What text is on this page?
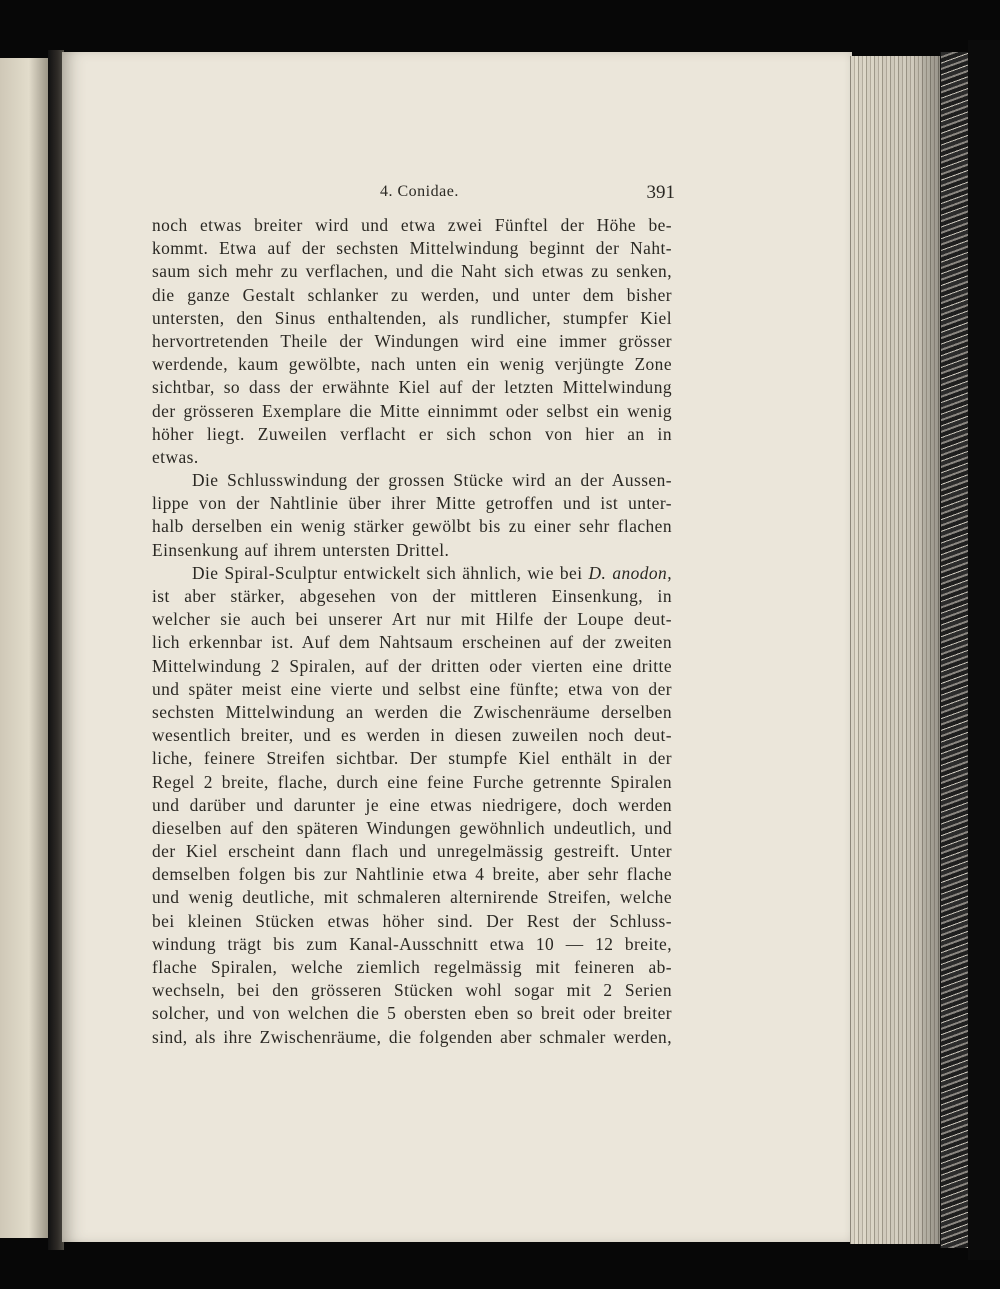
4. Conidae.	391
noch etwas breiter wird und etwa zwei Fünftel der Höhe be-
kommt. Etwa auf der sechsten Mittelwindung beginnt der Naht-
saum sich mehr zu verflachen, und die Naht sich etwas zu senken,
die ganze Gestalt schlanker zu werden, und unter dem bisher
untersten, den Sinus enthaltenden, als rundlicher, stumpfer Kiel
hervortretenden Theile der Windungen wird eine immer grösser
werdende, kaum gewölbte, nach unten ein wenig verjüngte Zone
sichtbar, so dass der erwähnte Kiel auf der letzten Mittelwindung
der grösseren Exemplare die Mitte einnimmt oder selbst ein wenig
höher liegt. Zuweilen verflacht er sich schon von hier an in
etwas.
Die Schlusswindung der grossen Stücke wird an der Aussen-
lippe von der Nahtlinie über ihrer Mitte getroffen und ist unter-
halb derselben ein wenig stärker gewölbt bis zu einer sehr flachen
Einsenkung auf ihrem untersten Drittel.
Die Spiral-Sculptur entwickelt sich ähnlich, wie bei D. anodon,
ist aber stärker, abgesehen von der mittleren Einsenkung, in
welcher sie auch bei unserer Art nur mit Hilfe der Loupe deut-
lich erkennbar ist. Auf dem Nahtsaum erscheinen auf der zweiten
Mittelwindung 2 Spiralen, auf der dritten oder vierten eine dritte
und später meist eine vierte und selbst eine fünfte; etwa von der
sechsten Mittelwindung an werden die Zwischenräume derselben
wesentlich breiter, und es werden in diesen zuweilen noch deut-
liche, feinere Streifen sichtbar. Der stumpfe Kiel enthält in der
Regel 2 breite, flache, durch eine feine Furche getrennte Spiralen
und darüber und darunter je eine etwas niedrigere, doch werden
dieselben auf den späteren Windungen gewöhnlich undeutlich, und
der Kiel erscheint dann flach und unregelmässig gestreift. Unter
demselben folgen bis zur Nahtlinie etwa 4 breite, aber sehr flache
und wenig deutliche, mit schmaleren alternirende Streifen, welche
bei kleinen Stücken etwas höher sind. Der Rest der Schluss-
windung trägt bis zum Kanal-Ausschnitt etwa 10 — 12 breite,
flache Spiralen, welche ziemlich regelmässig mit feineren ab-
wechseln, bei den grösseren Stücken wohl sogar mit 2 Serien
solcher, und von welchen die 5 obersten eben so breit oder breiter
sind, als ihre Zwischenräume, die folgenden aber schmaler werden,
